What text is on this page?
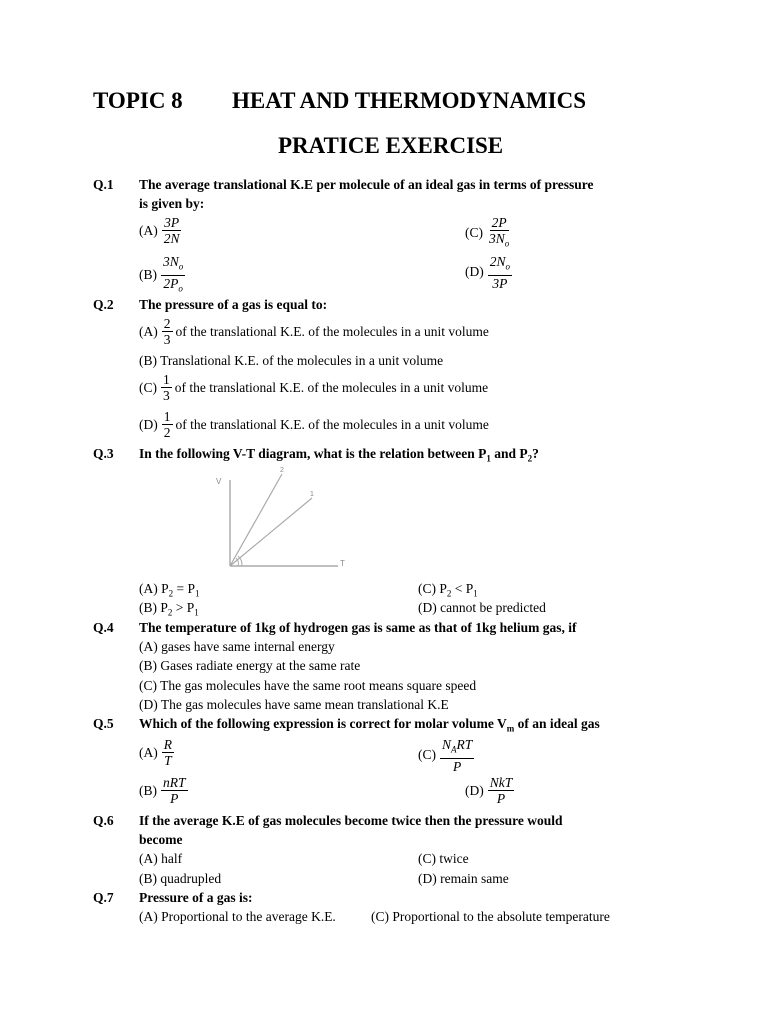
TOPIC 8 HEAT AND THERMODYNAMICS
PRATICE EXERCISE
Q.1 The average translational K.E per molecule of an ideal gas in terms of pressure
is given by:
$(A) \frac{3P}{2N}$	$(C) \frac{2P}{3N_o}$
$(B) \frac{3N_o}{2P_o}$	$(D) \frac{2N_o}{3P}$
Q.2 The pressure of a gas is equal to:
$(A) \frac{2}{3}$ of the translational K.E. of the molecules in a unit volume
(B) Translational K.E. of the molecules in a unit volume
$(C) \frac{1}{3}$ of the translational K.E. of the molecules in a unit volume
$(D) \frac{1}{2}$ of the translational K.E. of the molecules in a unit volume
Q.3 In the following V-T diagram, what is the relation between $P_1$ and $P_2$?
V
T
2
1
(A) $P_2 = P_1$	(C) $P_2 < P_1$
(B) $P_2 > P_1$	(D) cannot be predicted
Q.4 The temperature of 1kg of hydrogen gas is same as that of 1kg helium gas, if
(A) gases have same internal energy
(B) Gases radiate energy at the same rate
(C) The gas molecules have the same root means square speed
(D) The gas molecules have same mean translational K.E
Q.5 Which of the following expression is correct for molar volume $V_m$ of an ideal gas
$(A) \frac{R}{T}$	$(C) \frac{N_ART}{P}$
$(B) \frac{\text{nRT}}{P}$	$(D) \frac{\text{NkT}}{P}$
Q.6 If the average K.E of gas molecules become twice then the pressure would
become
(A) half	(C) twice
(B) quadrupled	(D) remain same
Q.7 Pressure of a gas is:
(A) Proportional to the average K.E.	(C) Proportional to the absolute temperature
